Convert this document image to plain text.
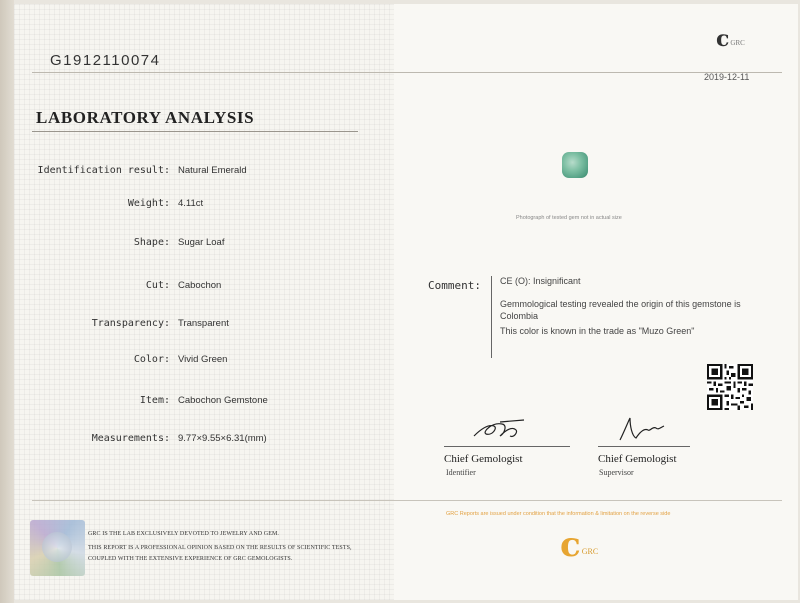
G1912110074
2019-12-11
c GRC
LABORATORY ANALYSIS
Identification result: Natural Emerald
Weight: 4.11ct
Shape: Sugar Loaf
Cut: Cabochon
Transparency: Transparent
Color: Vivid Green
Item: Cabochon Gemstone
Measurements: 9.77×9.55×6.31(mm)
Photograph of tested gem not in actual size
Comment: CE (O): Insignificant
Gemmological testing revealed the origin of this gemstone is
Colombia
This color is known in the trade as "Muzo Green"
Chief Gemologist
Identifier
Chief Gemologist
Supervisor
GRC Reports are issued under condition that the information & limitation on the reverse side
GRC IS THE LAB EXCLUSIVELY DEVOTED TO JEWELRY AND GEM.
THIS REPORT IS A PROFESSIONAL OPINION BASED ON THE RESULTS OF SCIENTIFIC TESTS,
COUPLED WITH THE EXTENSIVE EXPERIENCE OF GRC GEMOLOGISTS.	c GRC
